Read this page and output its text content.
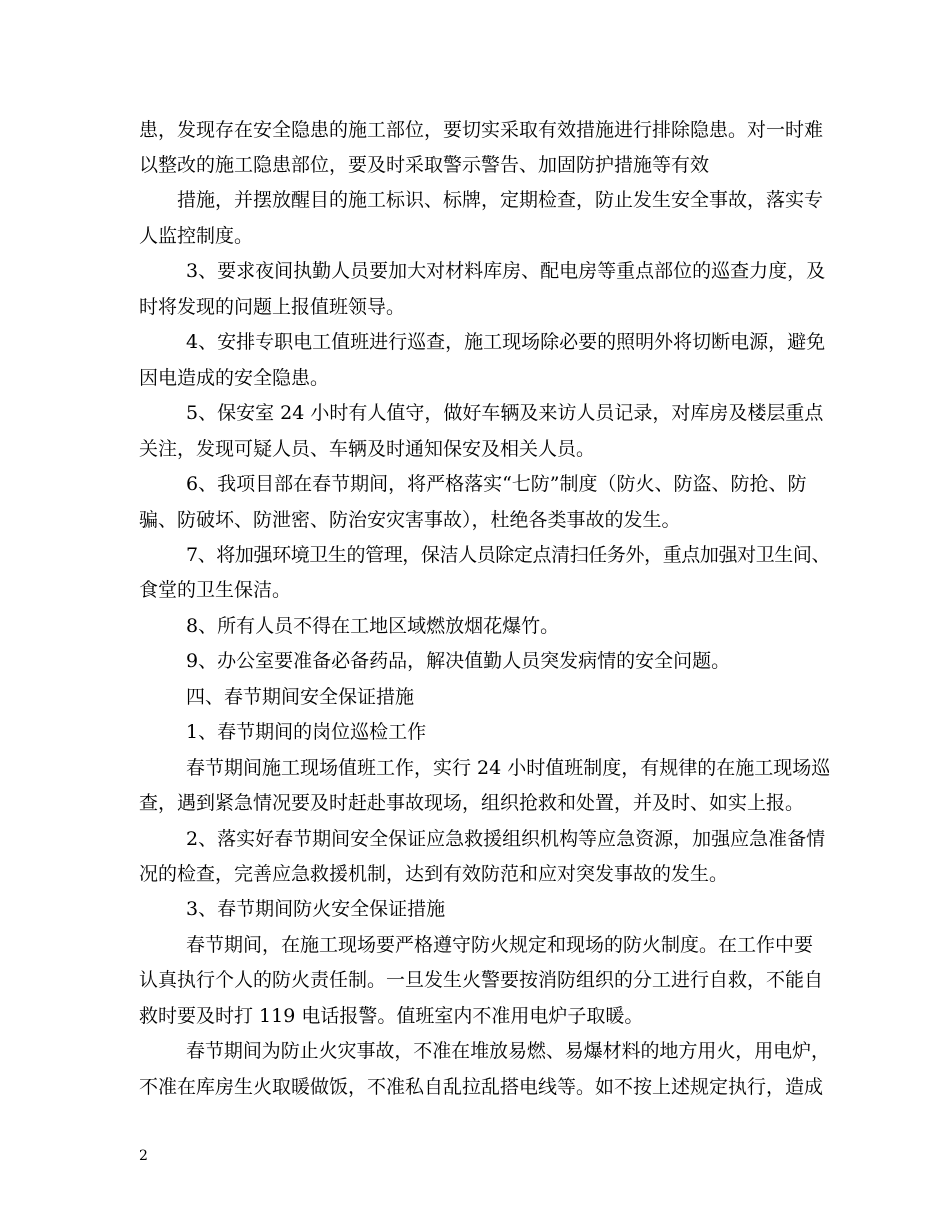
患，发现存在安全隐患的施工部位，要切实采取有效措施进行排除隐患。对一时难
以整改的施工隐患部位，要及时采取警示警告、加固防护措施等有效
措施，并摆放醒目的施工标识、标牌，定期检查，防止发生安全事故，落实专
人监控制度。
3、要求夜间执勤人员要加大对材料库房、配电房等重点部位的巡查力度，及
时将发现的问题上报值班领导。
4、安排专职电工值班进行巡查，施工现场除必要的照明外将切断电源，避免
因电造成的安全隐患。
5、保安室 24 小时有人值守，做好车辆及来访人员记录，对库房及楼层重点
关注，发现可疑人员、车辆及时通知保安及相关人员。
6、我项目部在春节期间，将严格落实“七防”制度（防火、防盗、防抢、防
骗、防破坏、防泄密、防治安灾害事故），杜绝各类事故的发生。
7、将加强环境卫生的管理，保洁人员除定点清扫任务外，重点加强对卫生间、
食堂的卫生保洁。
8、所有人员不得在工地区域燃放烟花爆竹。
9、办公室要准备必备药品，解决值勤人员突发病情的安全问题。
四、春节期间安全保证措施
1、春节期间的岗位巡检工作
春节期间施工现场值班工作，实行 24 小时值班制度，有规律的在施工现场巡
查，遇到紧急情况要及时赶赴事故现场，组织抢救和处置，并及时、如实上报。
2、落实好春节期间安全保证应急救援组织机构等应急资源，加强应急准备情
况的检查，完善应急救援机制，达到有效防范和应对突发事故的发生。
3、春节期间防火安全保证措施
春节期间，在施工现场要严格遵守防火规定和现场的防火制度。在工作中要
认真执行个人的防火责任制。一旦发生火警要按消防组织的分工进行自救，不能自
救时要及时打 119 电话报警。值班室内不准用电炉子取暖。
春节期间为防止火灾事故，不准在堆放易燃、易爆材料的地方用火，用电炉，
不准在库房生火取暖做饭，不准私自乱拉乱搭电线等。如不按上述规定执行，造成
2
